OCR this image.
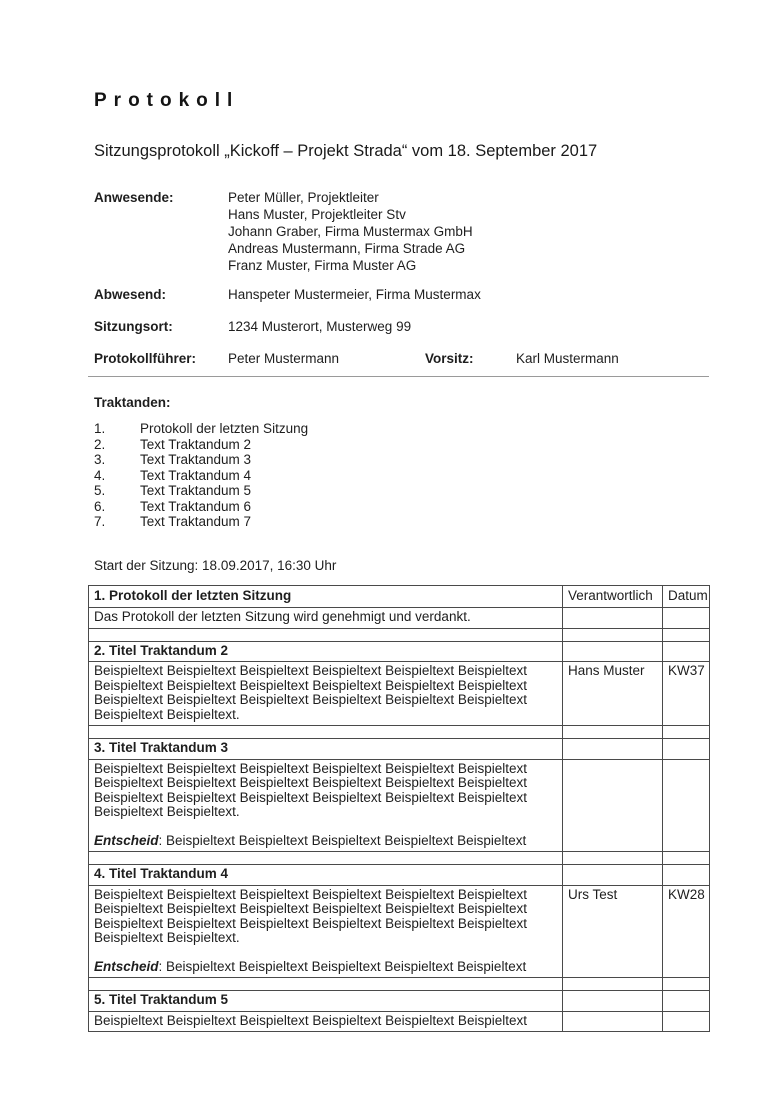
Protokoll
Sitzungsprotokoll „Kickoff – Projekt Strada“ vom 18. September 2017
Anwesende:	Peter Müller, Projektleiter
Hans Muster, Projektleiter Stv
Johann Graber, Firma Mustermax GmbH
Andreas Mustermann, Firma Strade AG
Franz Muster, Firma Muster AG
Abwesend:	Hanspeter Mustermeier, Firma Mustermax
Sitzungsort:	1234 Musterort, Musterweg 99
Protokollführer:	Peter Mustermann	Vorsitz:	Karl Mustermann
Traktanden:
1.	Protokoll der letzten Sitzung
2.	Text Traktandum 2
3.	Text Traktandum 3
4.	Text Traktandum 4
5.	Text Traktandum 5
6.	Text Traktandum 6
7.	Text Traktandum 7
Start der Sitzung: 18.09.2017, 16:30 Uhr
1. Protokoll der letzten Sitzung	Verantwortlich	Datum
Das Protokoll der letzten Sitzung wird genehmigt und verdankt.		

2. Titel Traktandum 2		

Beispieltext Beispieltext Beispieltext Beispieltext Beispieltext Beispieltext Beispieltext Beispieltext Beispieltext Beispieltext Beispieltext Beispieltext Beispieltext Beispieltext Beispieltext Beispieltext Beispieltext Beispieltext Beispieltext Beispieltext.	Hans Muster	KW37

3. Titel Traktandum 3		

Beispieltext Beispieltext Beispieltext Beispieltext Beispieltext Beispieltext Beispieltext Beispieltext Beispieltext Beispieltext Beispieltext Beispieltext Beispieltext Beispieltext Beispieltext Beispieltext Beispieltext Beispieltext Beispieltext Beispieltext.
Entscheid: Beispieltext Beispieltext Beispieltext Beispieltext Beispieltext		

4. Titel Traktandum 4		

Beispieltext Beispieltext Beispieltext Beispieltext Beispieltext Beispieltext Beispieltext Beispieltext Beispieltext Beispieltext Beispieltext Beispieltext Beispieltext Beispieltext Beispieltext Beispieltext Beispieltext Beispieltext Beispieltext Beispieltext.
Entscheid: Beispieltext Beispieltext Beispieltext Beispieltext Beispieltext	Urs Test	KW28

5. Titel Traktandum 5		
Beispieltext Beispieltext Beispieltext Beispieltext Beispieltext Beispieltext		
